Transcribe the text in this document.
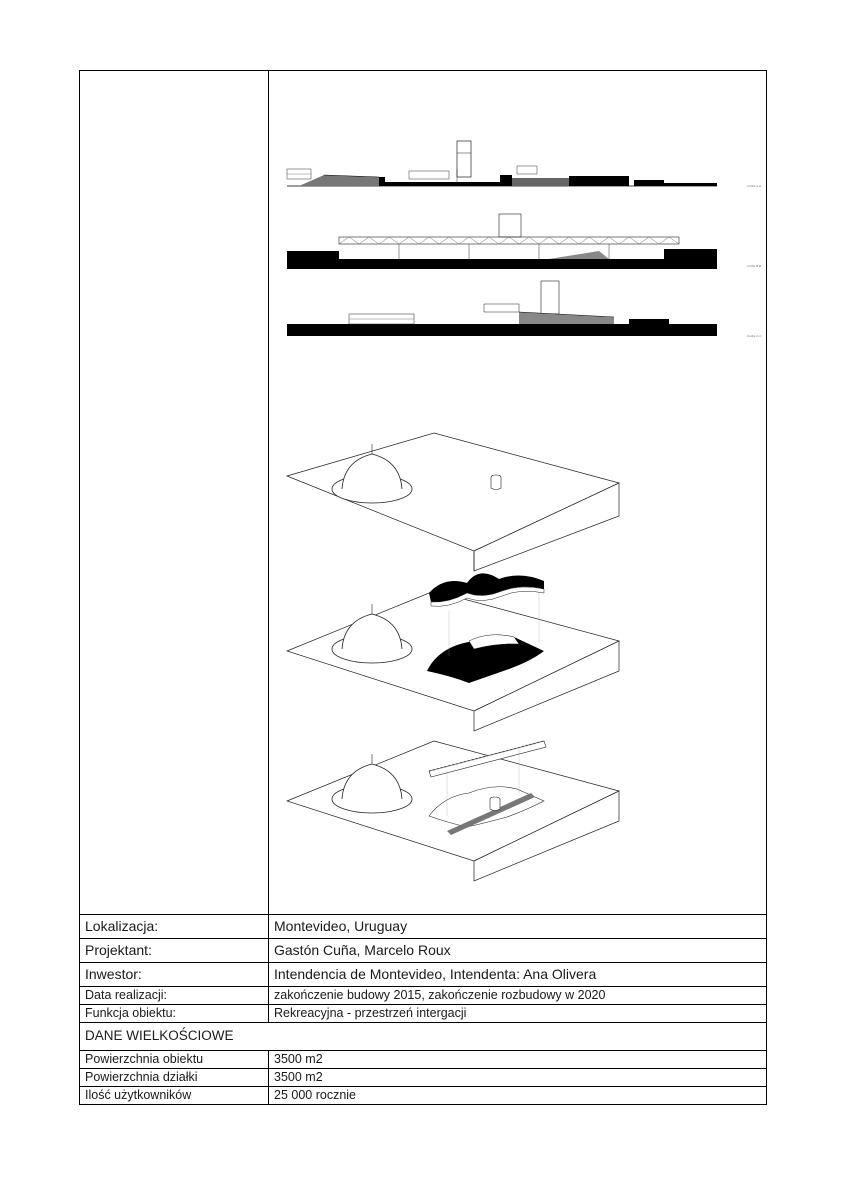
Corte A-A
Corte B-B
Corte C-C
Lokalizacja:	Montevideo, Uruguay
Projektant:	Gastón Cuña, Marcelo Roux
Inwestor:	Intendencia de Montevideo, Intendenta: Ana Olivera
Data realizacji:	zakończenie budowy 2015, zakończenie rozbudowy w 2020
Funkcja obiektu:	Rekreacyjna - przestrzeń intergacji
DANE WIELKOŚCIOWE	
Powierzchnia obiektu	3500 m2
Powierzchnia działki	3500 m2
Ilość użytkowników	25 000 rocznie
